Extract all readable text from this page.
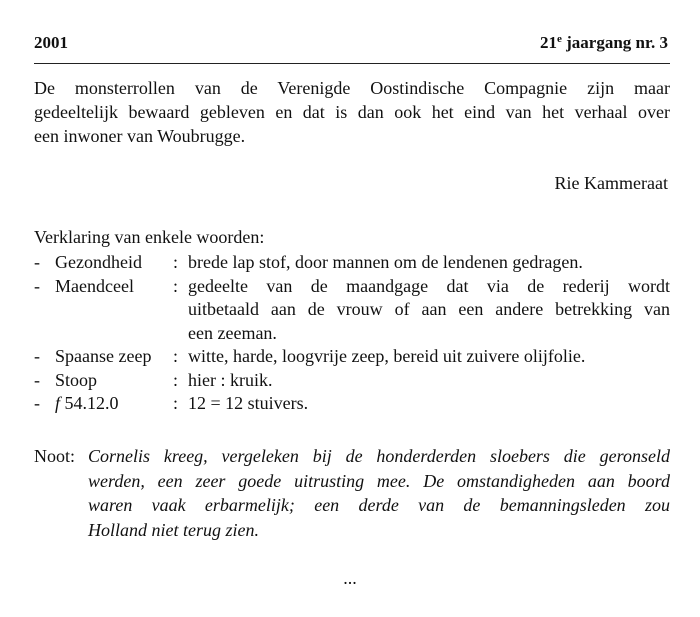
2001	21e jaargang nr. 3

De monsterrollen van de Verenigde Oostindische Compagnie zijn maar

gedeeltelijk bewaard gebleven en dat is dan ook het eind van het verhaal over

een inwoner van Woubrugge.

Rie Kammeraat
Verklaring van enkele woorden:
- Gezondheid : brede lap stof, door mannen om de lendenen gedragen.
- Maendceel : gedeelte van de maandgage dat via de rederij wordt
uitbetaald aan de vrouw of aan een andere betrekking van
een zeeman.
- Spaanse zeep : witte, harde, loogvrije zeep, bereid uit zuivere olijfolie.
- Stoop	: hier : kruik.
- f 54.12.0	: 12 = 12 stuivers.
Noot: Cornelis kreeg, vergeleken bij de honderderden sloebers die geronseld
werden, een zeer goede uitrusting mee. De omstandigheden aan boord
waren vaak erbarmelijk; een derde van de bemanningsleden zou
Holland niet terug zien.
...
